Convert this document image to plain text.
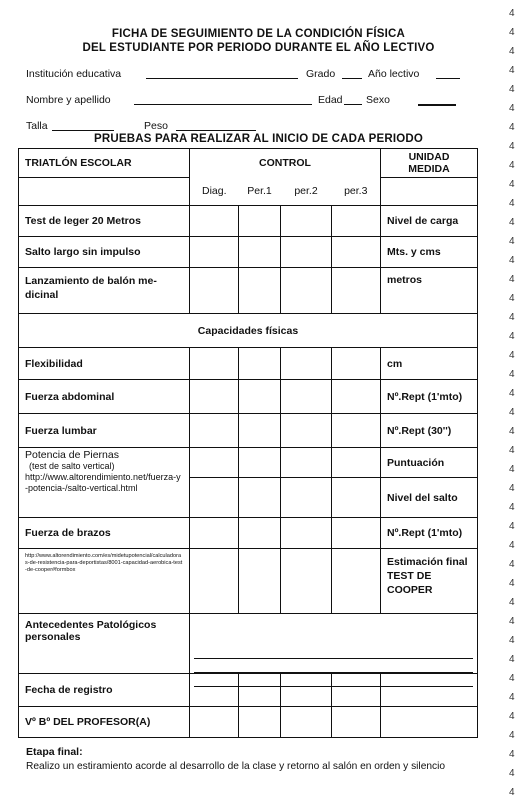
FICHA DE SEGUIMIENTO DE LA CONDICIÓN FÍSICA
DEL ESTUDIANTE POR PERIODO DURANTE EL AÑO LECTIVO
Institución educativa	Grado	Año lectivo
Nombre y apellido	Edad Sexo
Talla	Peso
PRUEBAS PARA REALIZAR AL INICIO DE CADA PERIODO
TRIATLÓN ESCOLAR	CONTROL				UNIDAD MEDIDA
	Diag.	Per.1	per.2	per.3	
Test de leger 20 Metros					Nivel de carga
Salto largo sin impulso					Mts. y cms
Lanzamiento de balón me-dicinal					metros
Capacidades físicas					
Flexibilidad					cm
Fuerza abdominal					Nº.Rept (1'mto)
Fuerza lumbar					Nº.Rept (30'')

Potencia de Piernas
(test de salto vertical)
http://www.altorendimiento.net/fuerza-y-potencia-/salto-vertical.html					Puntuación
					Nivel del salto
Fuerza de brazos					Nº.Rept (1'mto)

http://www.altorendimiento.com/es/midetupotencial/calculadoras-de-resistencia-para-deportistas/8001-capacidad-aerobica-test-de-cooper#formbox					Estimación final TEST DE COOPER
Antecedentes Patológicos personales					

Fecha de registro					
Vº Bº DEL PROFESOR(A)					
Etapa final:
Realizo un estiramiento acorde al desarrollo de la clase y retorno al salón en orden y silencio
4
4
4
4
4
4
4
4
4
4
4
4
4
4
4
4
4
4
4
4
4
4
4
4
4
4
4
4
4
4
4
4
4
4
4
4
4
4
4
4
4
4
